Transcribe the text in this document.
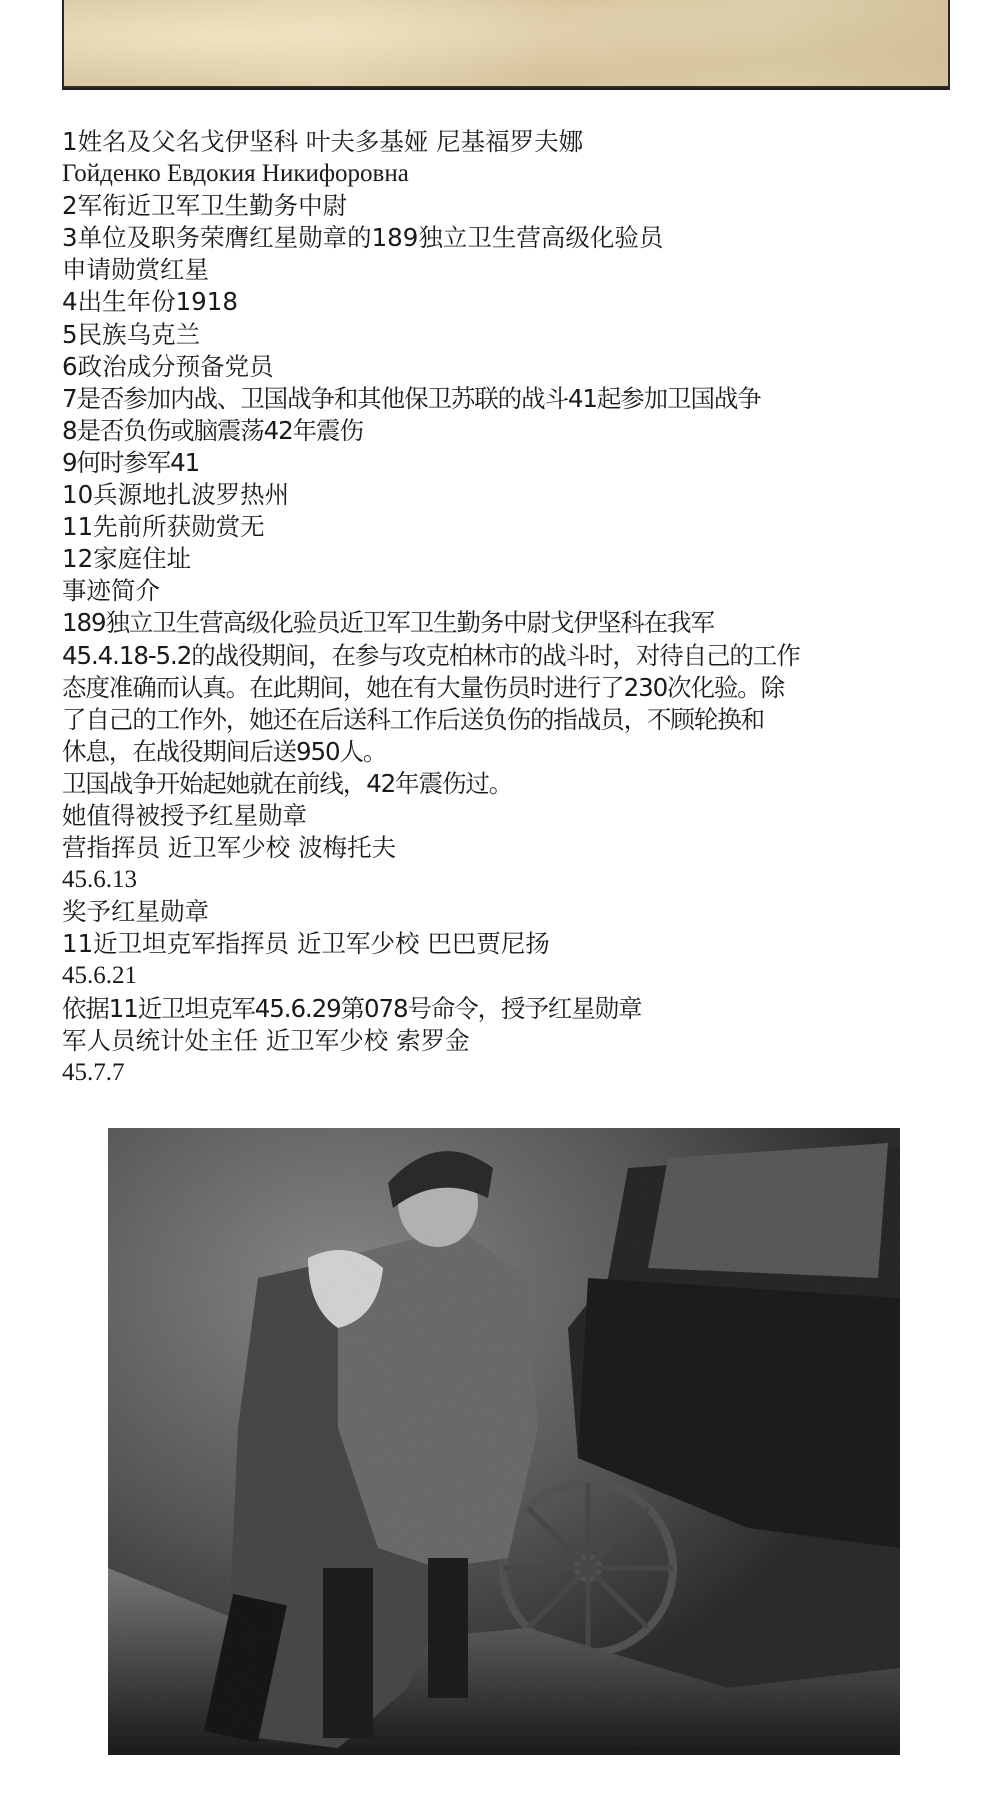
1姓名及父名戈伊坚科 叶夫多基娅 尼基福罗夫娜
Гойденко Евдокия Никифоровна
2军衔近卫军卫生勤务中尉
3单位及职务荣膺红星勋章的189独立卫生营高级化验员
申请勋赏红星
4出生年份1918
5民族乌克兰
6政治成分预备党员
7是否参加内战、卫国战争和其他保卫苏联的战斗41起参加卫国战争
8是否负伤或脑震荡42年震伤
9何时参军41
10兵源地扎波罗热州
11先前所获勋赏无
12家庭住址
事迹简介
189独立卫生营高级化验员近卫军卫生勤务中尉戈伊坚科在我军
45.4.18-5.2的战役期间，在参与攻克柏林市的战斗时，对待自己的工作
态度准确而认真。在此期间，她在有大量伤员时进行了230次化验。除
了自己的工作外，她还在后送科工作后送负伤的指战员，不顾轮换和
休息，在战役期间后送950人。
卫国战争开始起她就在前线，42年震伤过。
她值得被授予红星勋章
营指挥员 近卫军少校 波梅托夫
45.6.13
奖予红星勋章
11近卫坦克军指挥员 近卫军少校 巴巴贾尼扬
45.6.21
依据11近卫坦克军45.6.29第078号命令，授予红星勋章
军人员统计处主任 近卫军少校 索罗金
45.7.7
